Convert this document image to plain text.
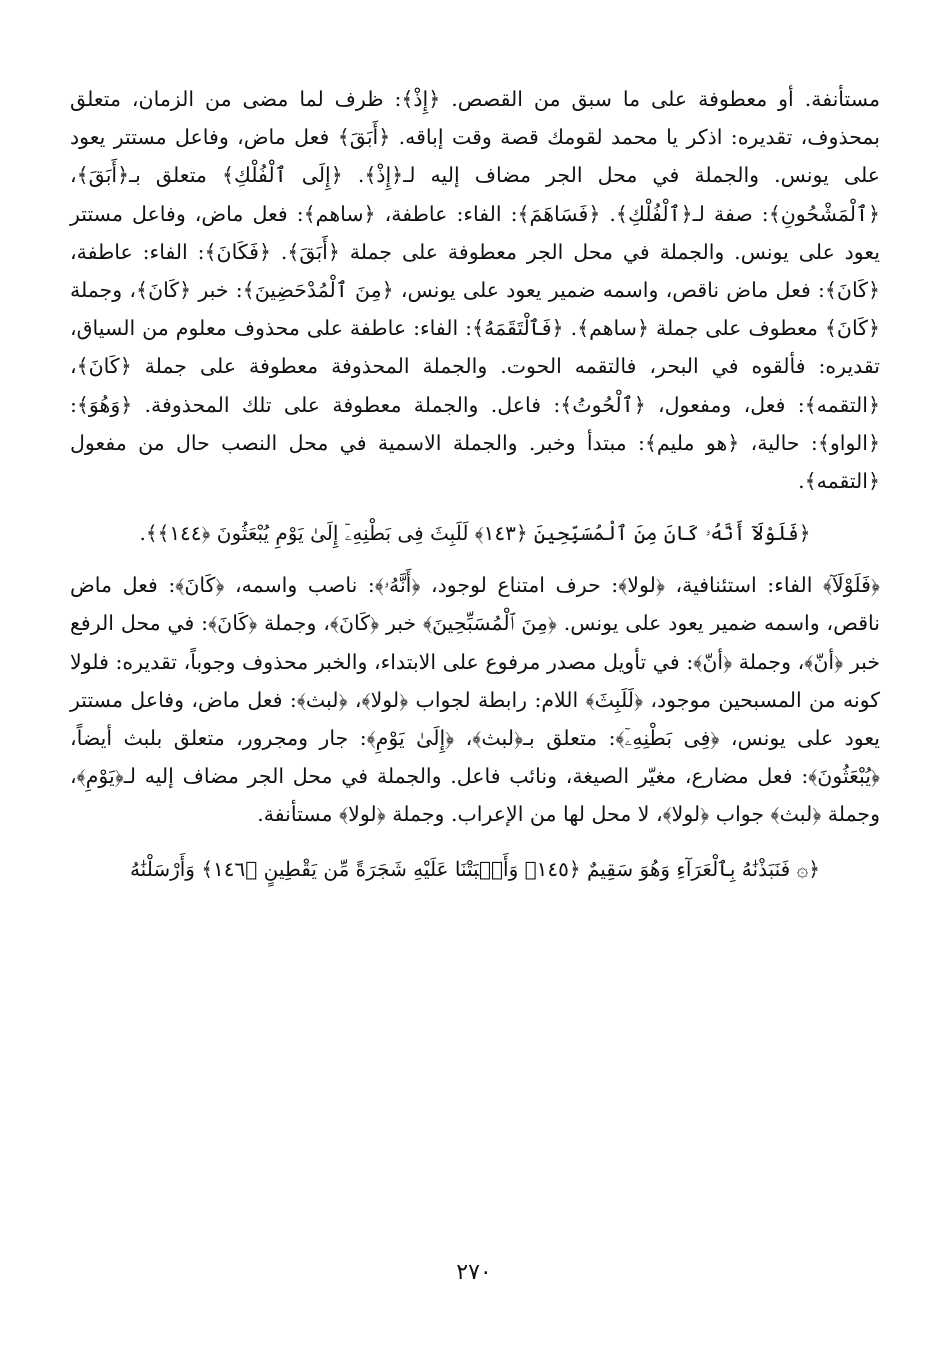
مستأنفة. أو معطوفة على ما سبق من القصص. ﴿إِذْ﴾: ظرف لما مضى من الزمان، متعلق بمحذوف، تقديره: اذكر يا محمد لقومك قصة وقت إباقه. ﴿أَبَقَ﴾ فعل ماض، وفاعل مستتر يعود على يونس. والجملة في محل الجر مضاف إليه لـ﴿إِذْ﴾. ﴿إِلَى ٱلْفُلْكِ﴾ متعلق بـ﴿أَبَقَ﴾، ﴿ٱلْمَشْحُونِ﴾: صفة لـ﴿ٱلْفُلْكِ﴾. ﴿فَسَاهَمَ﴾: الفاء: عاطفة، ﴿ساهم﴾: فعل ماض، وفاعل مستتر يعود على يونس. والجملة في محل الجر معطوفة على جملة ﴿أَبَقَ﴾. ﴿فَكَانَ﴾: الفاء: عاطفة، ﴿كَانَ﴾: فعل ماض ناقص، واسمه ضمير يعود على يونس، ﴿مِنَ ٱلْمُدْحَضِينَ﴾: خبر ﴿كَانَ﴾، وجملة ﴿كَانَ﴾ معطوف على جملة ﴿ساهم﴾. ﴿فَٱلْتَقَمَهُ﴾: الفاء: عاطفة على محذوف معلوم من السياق، تقديره: فألقوه في البحر، فالتقمه الحوت. والجملة المحذوفة معطوفة على جملة ﴿كَانَ﴾، ﴿التقمه﴾: فعل، ومفعول، ﴿ٱلْحُوتُ﴾: فاعل. والجملة معطوفة على تلك المحذوفة. ﴿وَهُوَ﴾: ﴿الواو﴾: حالية، ﴿هو مليم﴾: مبتدأ وخبر. والجملة الاسمية في محل النصب حال من مفعول ﴿التقمه﴾.

﴿فَلَوْلَآ أَنَّهُۥ كَانَ مِنَ ٱلْمُسَبِّحِينَ ﴿١٤٣﴾ لَلَبِثَ فِى بَطْنِهِۦٓ إِلَىٰ يَوْمِ يُبْعَثُونَ ﴿١٤٤﴾﴾.

﴿فَلَوْلَآ﴾ الفاء: استئنافية، ﴿لولا﴾: حرف امتناع لوجود، ﴿أَنَّهُۥ﴾: ناصب واسمه، ﴿كَانَ﴾: فعل ماض ناقص، واسمه ضمير يعود على يونس. ﴿مِنَ ٱلْمُسَبِّحِينَ﴾ خبر ﴿كَانَ﴾، وجملة ﴿كَانَ﴾: في محل الرفع خبر ﴿أنّ﴾، وجملة ﴿أنّ﴾: في تأويل مصدر مرفوع على الابتداء، والخبر محذوف وجوباً، تقديره: فلولا كونه من المسبحين موجود، ﴿لَلَبِثَ﴾ اللام: رابطة لجواب ﴿لولا﴾، ﴿لبث﴾: فعل ماض، وفاعل مستتر يعود على يونس، ﴿فِى بَطْنِهِۦٓ﴾: متعلق بـ﴿لبث﴾، ﴿إِلَىٰ يَوْمِ﴾: جار ومجرور، متعلق بلبث أيضاً، ﴿يُبْعَثُونَ﴾: فعل مضارع، مغيّر الصيغة، ونائب فاعل. والجملة في محل الجر مضاف إليه لـ﴿يَوْمِ﴾، وجملة ﴿لبث﴾ جواب ﴿لولا﴾، لا محل لها من الإعراب. وجملة ﴿لولا﴾ مستأنفة.

﴿۞ فَنَبَذْنَٰهُ بِٱلْعَرَآءِ وَهُوَ سَقِيمٌ ﴿١٤٥﴾ وَأَنۢبَتْنَا عَلَيْهِ شَجَرَةً مِّن يَقْطِينٍ ﴿١٤٦﴾ وَأَرْسَلْنَٰهُ
٢٧٠
